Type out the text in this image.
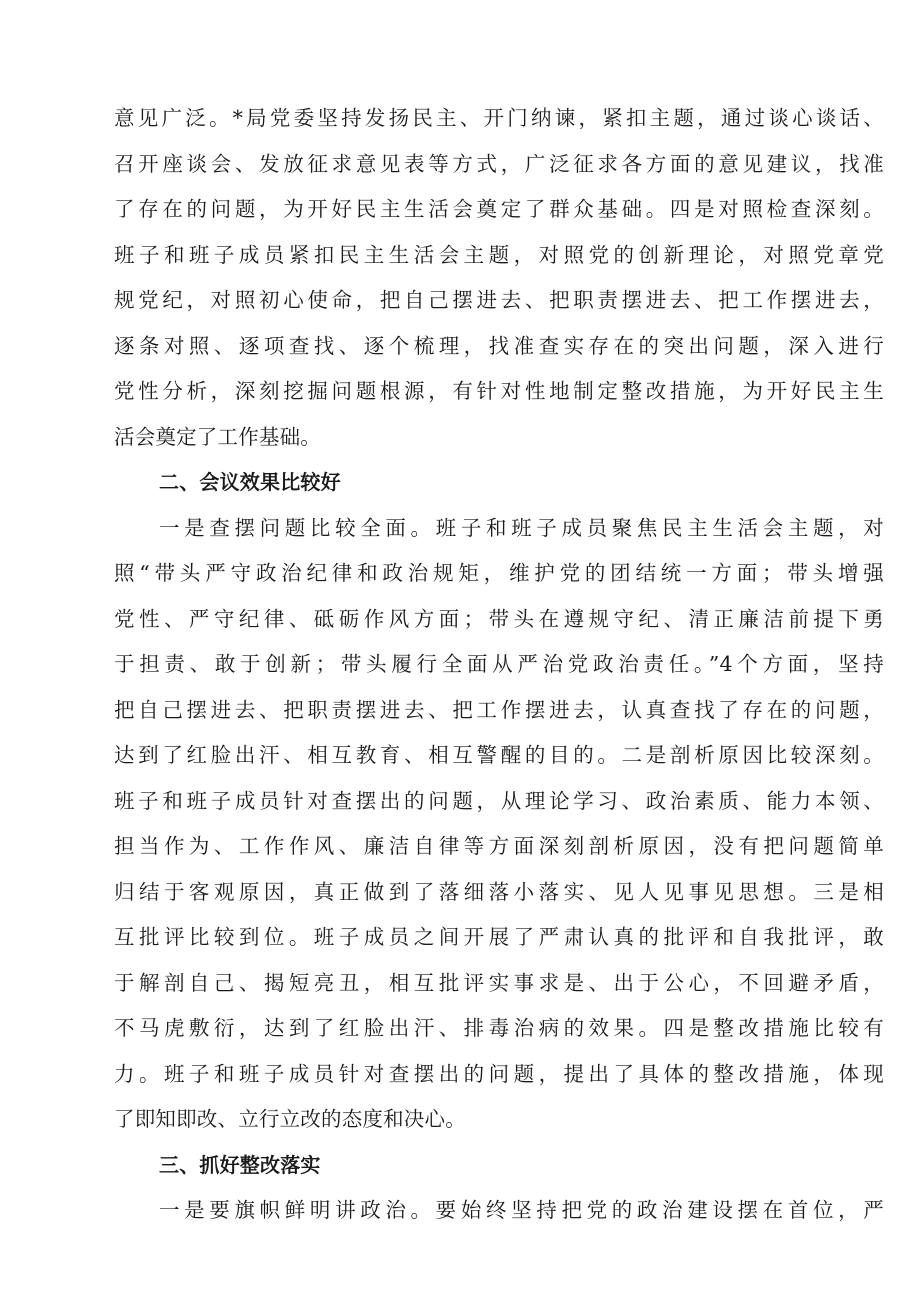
意见广泛。*局党委坚持发扬民主、开门纳谏，紧扣主题，通过谈心谈话、
召开座谈会、发放征求意见表等方式，广泛征求各方面的意见建议，找准
了存在的问题，为开好民主生活会奠定了群众基础。四是对照检查深刻。
班子和班子成员紧扣民主生活会主题，对照党的创新理论，对照党章党
规党纪，对照初心使命，把自己摆进去、把职责摆进去、把工作摆进去，
逐条对照、逐项查找、逐个梳理，找准查实存在的突出问题，深入进行
党性分析，深刻挖掘问题根源，有针对性地制定整改措施，为开好民主生
活会奠定了工作基础。
二、会议效果比较好
一是查摆问题比较全面。班子和班子成员聚焦民主生活会主题，对
照“带头严守政治纪律和政治规矩，维护党的团结统一方面；带头增强
党性、严守纪律、砥砺作风方面；带头在遵规守纪、清正廉洁前提下勇
于担责、敢于创新；带头履行全面从严治党政治责任。”4个方面，坚持
把自己摆进去、把职责摆进去、把工作摆进去，认真查找了存在的问题，
达到了红脸出汗、相互教育、相互警醒的目的。二是剖析原因比较深刻。
班子和班子成员针对查摆出的问题，从理论学习、政治素质、能力本领、
担当作为、工作作风、廉洁自律等方面深刻剖析原因，没有把问题简单
归结于客观原因，真正做到了落细落小落实、见人见事见思想。三是相
互批评比较到位。班子成员之间开展了严肃认真的批评和自我批评，敢
于解剖自己、揭短亮丑，相互批评实事求是、出于公心，不回避矛盾，
不马虎敷衍，达到了红脸出汗、排毒治病的效果。四是整改措施比较有
力。班子和班子成员针对查摆出的问题，提出了具体的整改措施，体现
了即知即改、立行立改的态度和决心。
三、抓好整改落实
一是要旗帜鲜明讲政治。要始终坚持把党的政治建设摆在首位，严
